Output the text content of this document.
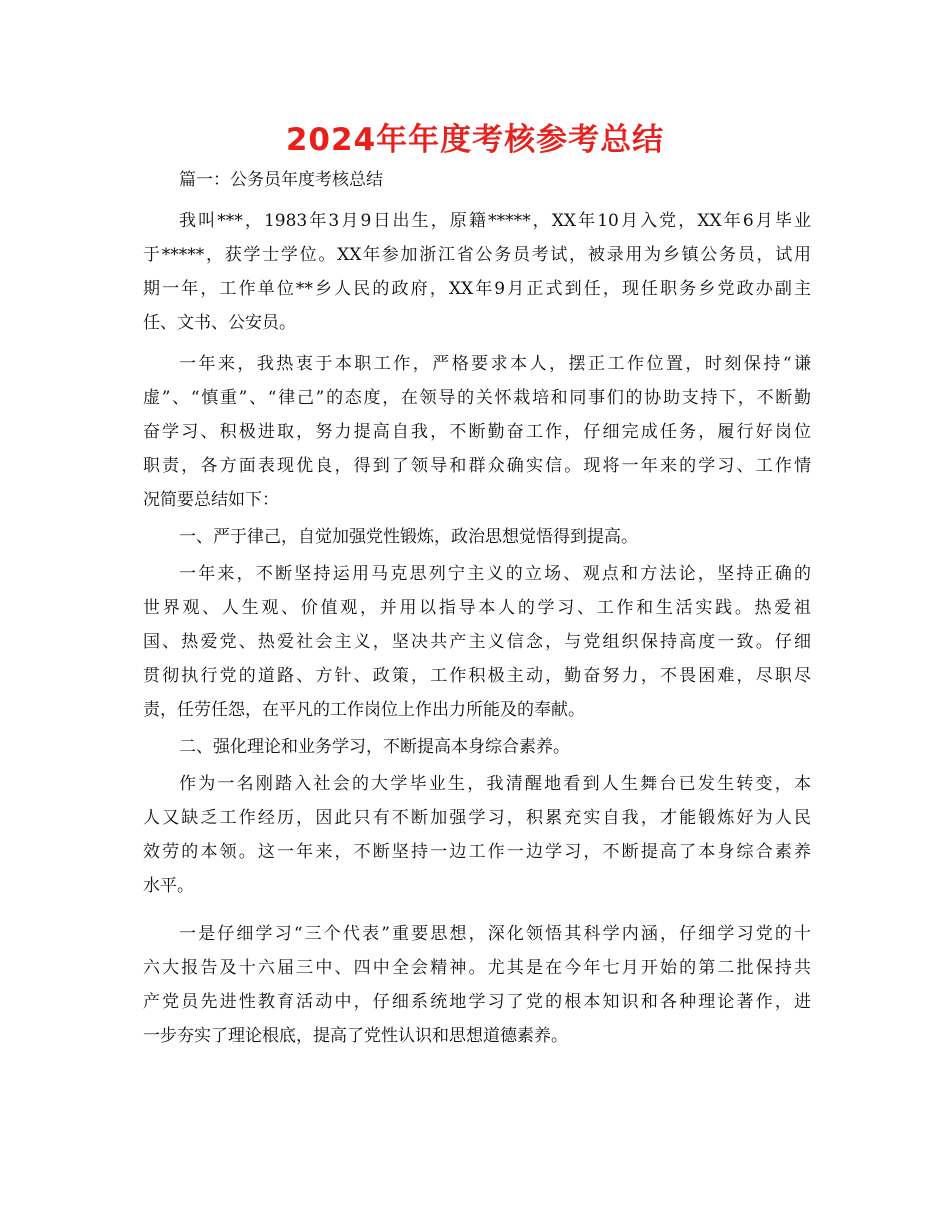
2024年年度考核参考总结
篇一：公务员年度考核总结
我叫***，1983年3月9日出生，原籍*****，XX年10月入党，XX年6月毕业
于*****，获学士学位。XX年参加浙江省公务员考试，被录用为乡镇公务员，试用
期一年，工作单位**乡人民的政府，XX年9月正式到任，现任职务乡党政办副主
任、文书、公安员。
一年来，我热衷于本职工作，严格要求本人，摆正工作位置，时刻保持“谦
虚”、“慎重”、“律己”的态度，在领导的关怀栽培和同事们的协助支持下，不断勤
奋学习、积极进取，努力提高自我，不断勤奋工作，仔细完成任务，履行好岗位
职责，各方面表现优良，得到了领导和群众确实信。现将一年来的学习、工作情
况简要总结如下：
一、严于律己，自觉加强党性锻炼，政治思想觉悟得到提高。
一年来，不断坚持运用马克思列宁主义的立场、观点和方法论，坚持正确的
世界观、人生观、价值观，并用以指导本人的学习、工作和生活实践。热爱祖
国、热爱党、热爱社会主义，坚决共产主义信念，与党组织保持高度一致。仔细
贯彻执行党的道路、方针、政策，工作积极主动，勤奋努力，不畏困难，尽职尽
责，任劳任怨，在平凡的工作岗位上作出力所能及的奉献。
二、强化理论和业务学习，不断提高本身综合素养。
作为一名刚踏入社会的大学毕业生，我清醒地看到人生舞台已发生转变，本
人又缺乏工作经历，因此只有不断加强学习，积累充实自我，才能锻炼好为人民
效劳的本领。这一年来，不断坚持一边工作一边学习，不断提高了本身综合素养
水平。
一是仔细学习“三个代表”重要思想，深化领悟其科学内涵，仔细学习党的十
六大报告及十六届三中、四中全会精神。尤其是在今年七月开始的第二批保持共
产党员先进性教育活动中，仔细系统地学习了党的根本知识和各种理论著作，进
一步夯实了理论根底，提高了党性认识和思想道德素养。
